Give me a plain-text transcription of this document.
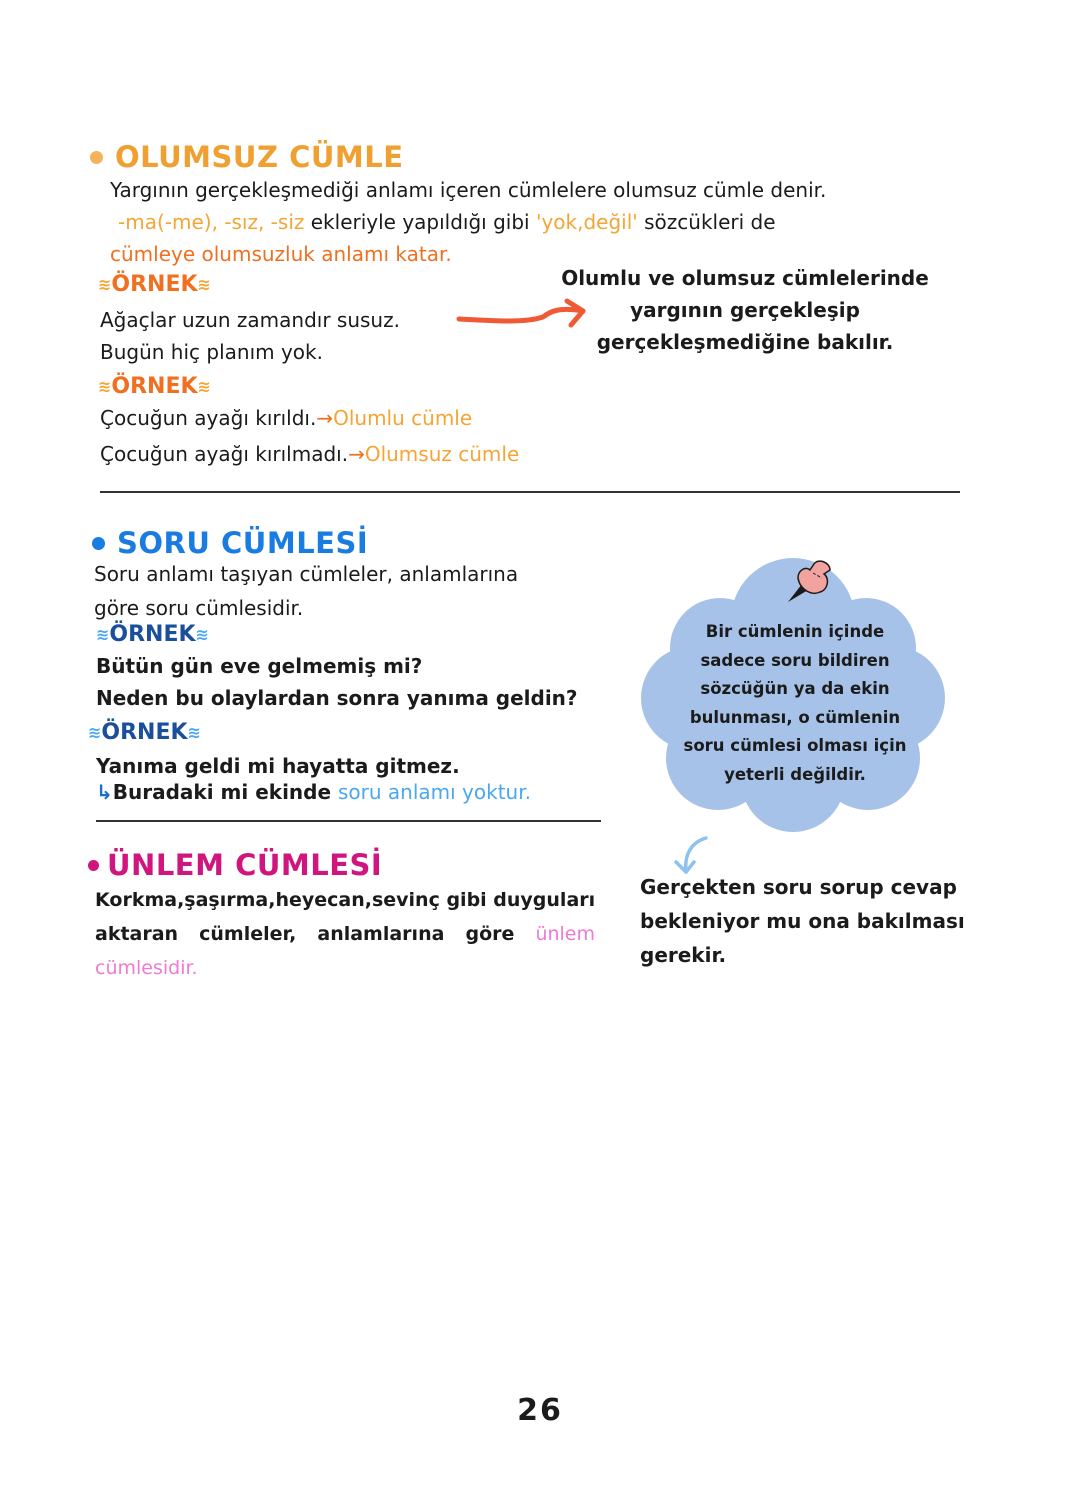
OLUMSUZ CÜMLE
Yargının gerçekleşmediği anlamı içeren cümlelere olumsuz cümle denir.
-ma(-me), -sız, -siz ekleriyle yapıldığı gibi 'yok,değil' sözcükleri de
cümleye olumsuzluk anlamı katar.
≋ ÖRNEK ≋
Ağaçlar uzun zamandır susuz.
Bugün hiç planım yok.
Olumlu ve olumsuz cümlelerinde
yargının gerçekleşip
gerçekleşmediğine bakılır.
≋ ÖRNEK ≋
Çocuğun ayağı kırıldı.→Olumlu cümle
Çocuğun ayağı kırılmadı.→Olumsuz cümle
SORU CÜMLESİ
Soru anlamı taşıyan cümleler, anlamlarına
göre soru cümlesidir.
≋ ÖRNEK ≋
Bütün gün eve gelmemiş mi?
Neden bu olaylardan sonra yanıma geldin?
≋ ÖRNEK ≋
Yanıma geldi mi hayatta gitmez.
↳Buradaki mi ekinde soru anlamı yoktur.
Bir cümlenin içinde
sadece soru bildiren
sözcüğün ya da ekin
bulunması, o cümlenin
soru cümlesi olması için
yeterli değildir.
Gerçekten soru sorup cevap
bekleniyor mu ona bakılması
gerekir.
ÜNLEM CÜMLESİ
Korkma,şaşırma,heyecan,sevinç gibi duyguları
aktaran cümleler, anlamlarına göre ünlem
cümlesidir.
26
